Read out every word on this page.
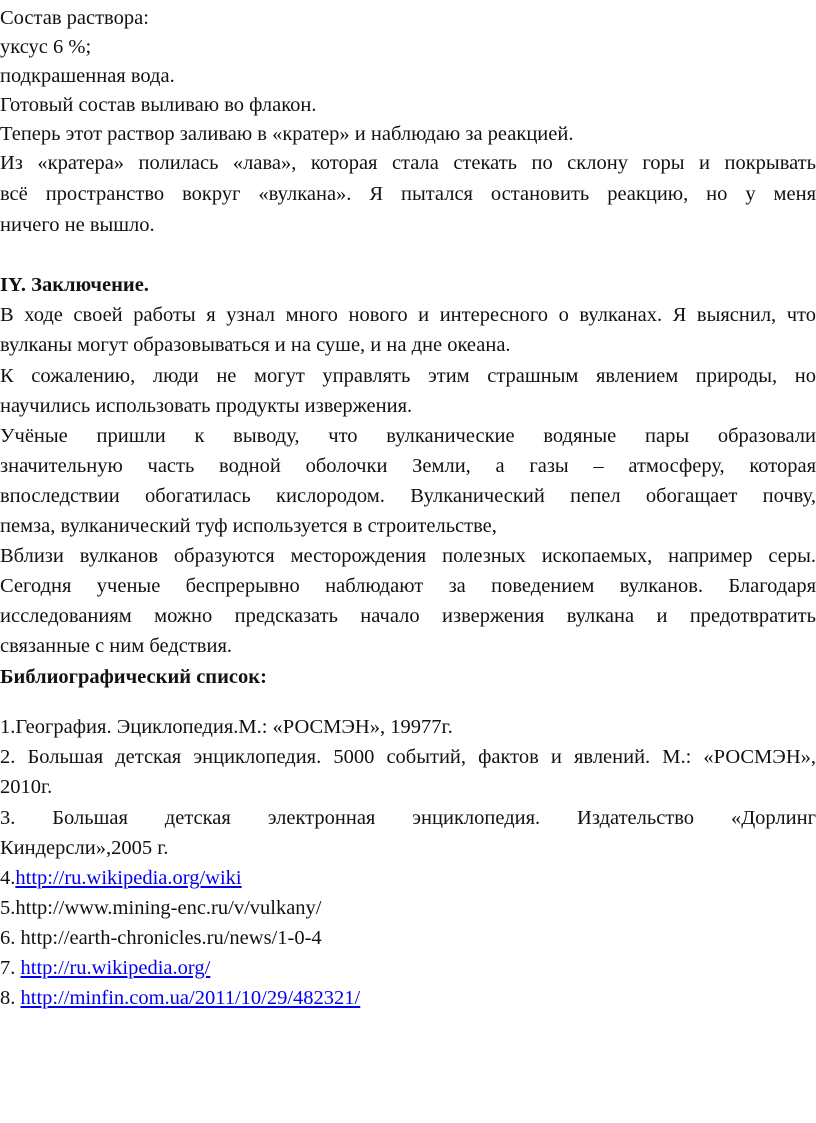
Состав раствора:

уксус 6 %;

подкрашенная вода.

Готовый состав выливаю во флакон.

Теперь этот раствор заливаю в «кратер» и наблюдаю за реакцией.

Из «кратера» полилась «лава», которая стала стекать по склону горы и покрывать

всё пространство вокруг «вулкана». Я пытался остановить реакцию, но у меня

ничего не вышло.

IY. Заключение.

В ходе своей работы я узнал много нового и интересного о вулканах. Я выяснил, что

вулканы могут образовываться и на суше, и на дне океана.

К сожалению, люди не могут управлять этим страшным явлением природы, но

научились использовать продукты извержения.

Учёные пришли к выводу, что вулканические водяные пары образовали

значительную часть водной оболочки Земли, а газы – атмосферу, которая

впоследствии обогатилась кислородом. Вулканический пепел обогащает почву,

пемза, вулканический туф используется в строительстве,

Вблизи вулканов образуются месторождения полезных ископаемых, например серы.

Сегодня ученые беспрерывно наблюдают за поведением вулканов. Благодаря

исследованиям можно предсказать начало извержения вулкана и предотвратить

связанные с ним бедствия.

Библиографический список:

1.География. Эциклопедия.М.: «РОСМЭН», 19977г.

2. Большая детская энциклопедия. 5000 событий, фактов и явлений. М.: «РОСМЭН»,

2010г.

3. Большая детская электронная энциклопедия. Издательство «Дорлинг

Киндерсли»,2005 г.

4.http://ru.wikipedia.org/wiki

5.http://www.mining-enc.ru/v/vulkany/

6. http://earth-chronicles.ru/news/1-0-4

7. http://ru.wikipedia.org/

8. http://minfin.com.ua/2011/10/29/482321/
